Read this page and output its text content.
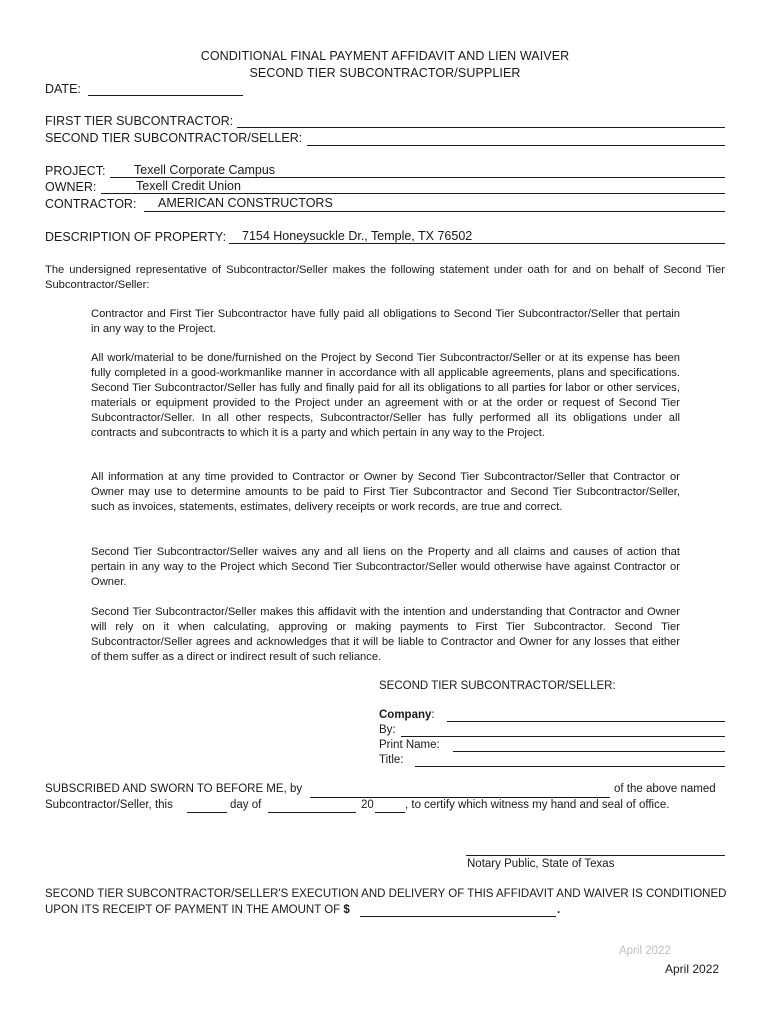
CONDITIONAL FINAL PAYMENT AFFIDAVIT AND LIEN WAIVER
SECOND TIER SUBCONTRACTOR/SUPPLIER
DATE:
FIRST TIER SUBCONTRACTOR:
SECOND TIER SUBCONTRACTOR/SELLER:
PROJECT: Texell Corporate Campus
OWNER:	Texell Credit Union
CONTRACTOR: AMERICAN CONSTRUCTORS
DESCRIPTION OF PROPERTY: 7154 Honeysuckle Dr., Temple, TX 76502
The undersigned representative of Subcontractor/Seller makes the following statement under oath for and on behalf of Second Tier Subcontractor/Seller:
Contractor and First Tier Subcontractor have fully paid all obligations to Second Tier Subcontractor/Seller that pertain in any way to the Project.
All work/material to be done/furnished on the Project by Second Tier Subcontractor/Seller or at its expense has been fully completed in a good-workmanlike manner in accordance with all applicable agreements, plans and specifications. Second Tier Subcontractor/Seller has fully and finally paid for all its obligations to all parties for labor or other services, materials or equipment provided to the Project under an agreement with or at the order or request of Second Tier Subcontractor/Seller. In all other respects, Subcontractor/Seller has fully performed all its obligations under all contracts and subcontracts to which it is a party and which pertain in any way to the Project.
All information at any time provided to Contractor or Owner by Second Tier Subcontractor/Seller that Contractor or Owner may use to determine amounts to be paid to First Tier Subcontractor and Second Tier Subcontractor/Seller, such as invoices, statements, estimates, delivery receipts or work records, are true and correct.
Second Tier Subcontractor/Seller waives any and all liens on the Property and all claims and causes of action that pertain in any way to the Project which Second Tier Subcontractor/Seller would otherwise have against Contractor or Owner.
Second Tier Subcontractor/Seller makes this affidavit with the intention and understanding that Contractor and Owner will rely on it when calculating, approving or making payments to First Tier Subcontractor. Second Tier Subcontractor/Seller agrees and acknowledges that it will be liable to Contractor and Owner for any losses that either of them suffer as a direct or indirect result of such reliance.
SECOND TIER SUBCONTRACTOR/SELLER:
Company:
By:
Print Name:
Title:
SUBSCRIBED AND SWORN TO BEFORE ME, by	of the above named
Subcontractor/Seller, this	day of	20	, to certify which witness my hand and seal of office.
Notary Public, State of Texas
SECOND TIER SUBCONTRACTOR/SELLER'S EXECUTION AND DELIVERY OF THIS AFFIDAVIT AND WAIVER IS CONDITIONED
UPON ITS RECEIPT OF PAYMENT IN THE AMOUNT OF $	.
April 2022
April 2022
